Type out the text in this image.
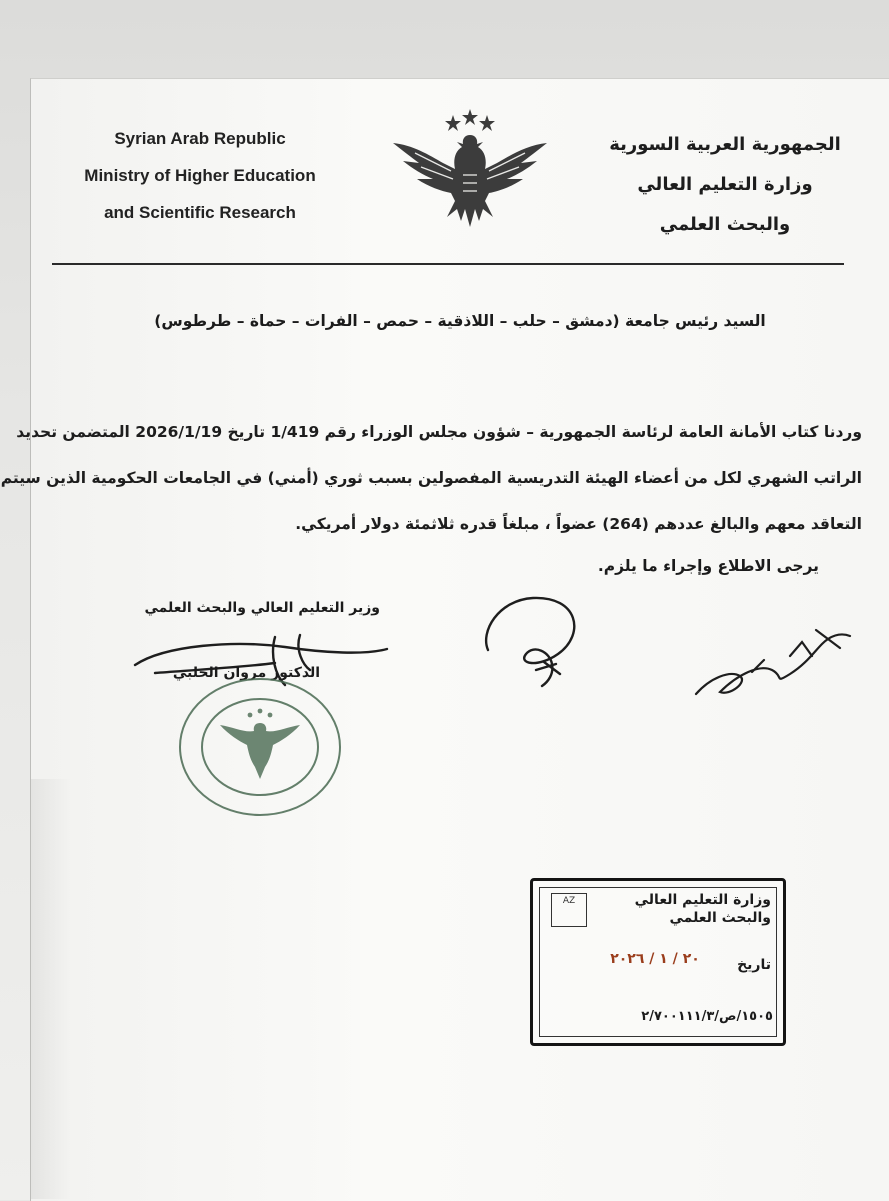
Syrian Arab Republic
Ministry of Higher Education
and Scientific Research
الجمهورية العربية السورية
وزارة التعليم العالي
والبحث العلمي
السيد رئيس جامعة (دمشق – حلب – اللاذقية – حمص – الفرات – حماة – طرطوس)
وردنا كتاب الأمانة العامة لرئاسة الجمهورية – شؤون مجلس الوزراء رقم 1/419 تاريخ 2026/1/19 المتضمن تحديد
الراتب الشهري لكل من أعضاء الهيئة التدريسية المفصولين بسبب ثوري (أمني) في الجامعات الحكومية الذين سيتم
التعاقد معهم والبالغ عددهم (264) عضواً ، مبلغاً قدره ثلاثمئة دولار أمريكي.
يرجى الاطلاع وإجراء ما يلزم.
وزير التعليم العالي والبحث العلمي
الدكتور مروان الحلبي
AZ	وزارة التعليم العالي
والبحث العلمي
تاريخ
٢٠ / ١ / ٢٠٢٦
١٥٠٥/ص/٢/٧٠٠١١١/٣
